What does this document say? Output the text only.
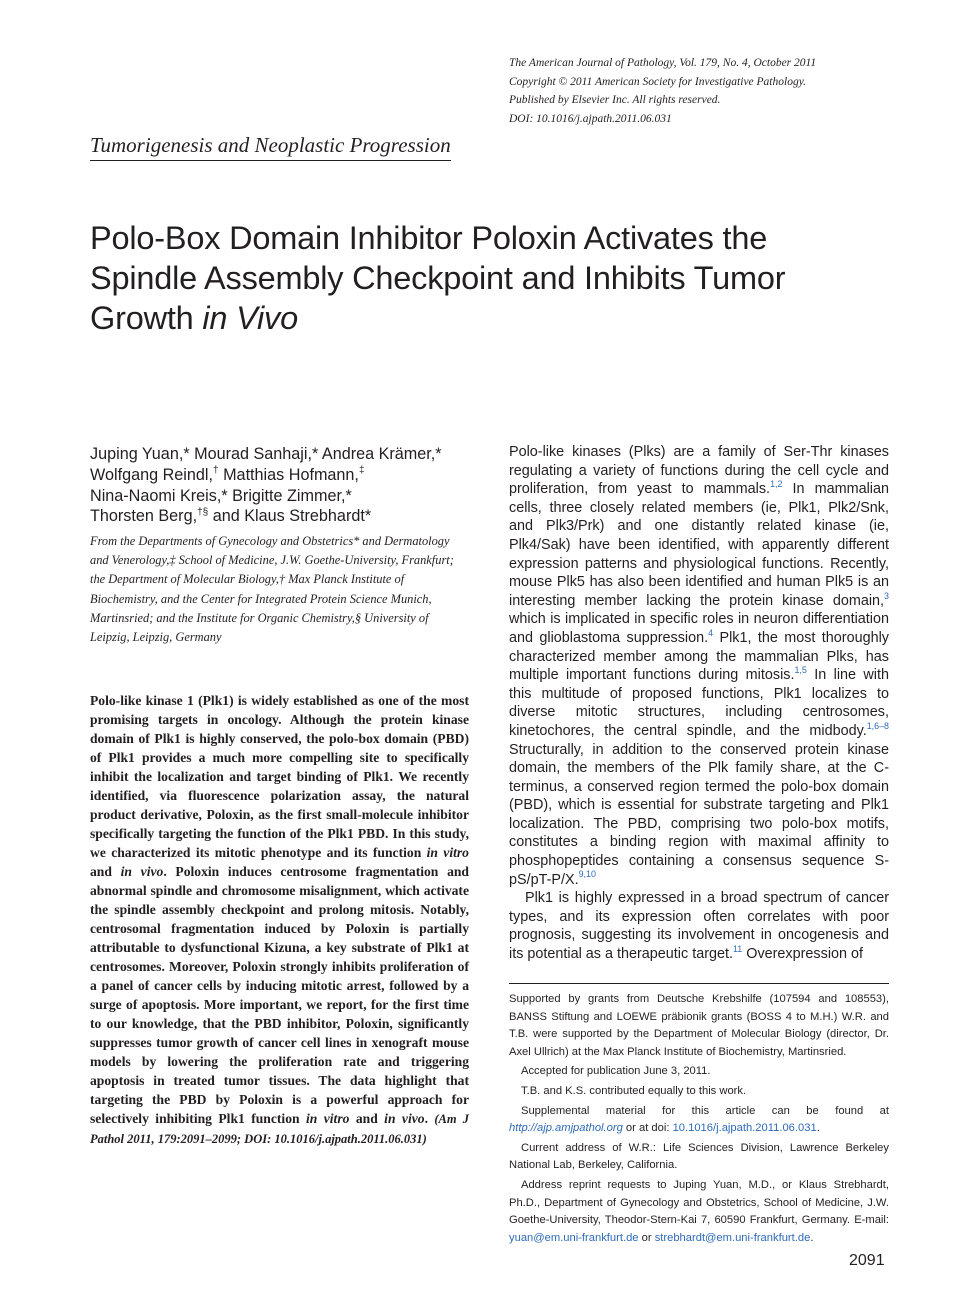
The American Journal of Pathology, Vol. 179, No. 4, October 2011
Copyright © 2011 American Society for Investigative Pathology.
Published by Elsevier Inc. All rights reserved.
DOI: 10.1016/j.ajpath.2011.06.031
Tumorigenesis and Neoplastic Progression
Polo-Box Domain Inhibitor Poloxin Activates the
Spindle Assembly Checkpoint and Inhibits Tumor
Growth in Vivo
Juping Yuan,* Mourad Sanhaji,* Andrea Krämer,*
Wolfgang Reindl,† Matthias Hofmann,‡
Nina-Naomi Kreis,* Brigitte Zimmer,*
Thorsten Berg,†§ and Klaus Strebhardt*
From the Departments of Gynecology and Obstetrics* and Dermatology and Venerology,‡ School of Medicine, J.W. Goethe-University, Frankfurt; the Department of Molecular Biology,† Max Planck Institute of Biochemistry, and the Center for Integrated Protein Science Munich, Martinsried; and the Institute for Organic Chemistry,§ University of Leipzig, Leipzig, Germany
Polo-like kinase 1 (Plk1) is widely established as one of the most promising targets in oncology. Although the protein kinase domain of Plk1 is highly conserved, the polo-box domain (PBD) of Plk1 provides a much more compelling site to specifically inhibit the localization and target binding of Plk1. We recently identified, via fluorescence polarization assay, the natural product derivative, Poloxin, as the first small-molecule inhibitor specifically targeting the function of the Plk1 PBD. In this study, we characterized its mitotic phenotype and its function in vitro and in vivo. Poloxin induces centrosome fragmentation and abnormal spindle and chromosome misalignment, which activate the spindle assembly checkpoint and prolong mitosis. Notably, centrosomal fragmentation induced by Poloxin is partially attributable to dysfunctional Kizuna, a key substrate of Plk1 at centrosomes. Moreover, Poloxin strongly inhibits proliferation of a panel of cancer cells by inducing mitotic arrest, followed by a surge of apoptosis. More important, we report, for the first time to our knowledge, that the PBD inhibitor, Poloxin, significantly suppresses tumor growth of cancer cell lines in xenograft mouse models by lowering the proliferation rate and triggering apoptosis in treated tumor tissues. The data highlight that targeting the PBD by Poloxin is a powerful approach for selectively inhibiting Plk1 function in vitro and in vivo. (Am J Pathol 2011, 179:2091–2099; DOI: 10.1016/j.ajpath.2011.06.031)

Polo-like kinases (Plks) are a family of Ser-Thr kinases regulating a variety of functions during the cell cycle and proliferation, from yeast to mammals.$^{1,2}$ In mammalian cells, three closely related members (ie, Plk1, Plk2/Snk, and Plk3/Prk) and one distantly related kinase (ie, Plk4/Sak) have been identified, with apparently different expression patterns and physiological functions. Recently, mouse Plk5 has also been identified and human Plk5 is an interesting member lacking the protein kinase domain,$^3$ which is implicated in specific roles in neuron differentiation and glioblastoma suppression.$^4$ Plk1, the most thoroughly characterized member among the mammalian Plks, has multiple important functions during mitosis.$^{1,5}$ In line with this multitude of proposed functions, Plk1 localizes to diverse mitotic structures, including centrosomes, kinetochores, the central spindle, and the midbody.$^{1,6-8}$ Structurally, in addition to the conserved protein kinase domain, the members of the Plk family share, at the C-terminus, a conserved region termed the polo-box domain (PBD), which is essential for substrate targeting and Plk1 localization. The PBD, comprising two polo-box motifs, constitutes a binding region with maximal affinity to phosphopeptides containing a consensus sequence S-pS/pT-P/X.$^{9,10}$

Plk1 is highly expressed in a broad spectrum of cancer types, and its expression often correlates with poor prognosis, suggesting its involvement in oncogenesis and its potential as a therapeutic target.$^{11}$ Overexpression of

Supported by grants from Deutsche Krebshilfe (107594 and 108553), BANSS Stiftung and LOEWE präbionik grants (BOSS 4 to M.H.) W.R. and T.B. were supported by the Department of Molecular Biology (director, Dr. Axel Ullrich) at the Max Planck Institute of Biochemistry, Martinsried.

Accepted for publication June 3, 2011.

T.B. and K.S. contributed equally to this work.

Supplemental material for this article can be found at http://ajp.amjpathol.org or at doi: 10.1016/j.ajpath.2011.06.031.

Current address of W.R.: Life Sciences Division, Lawrence Berkeley National Lab, Berkeley, California.

Address reprint requests to Juping Yuan, M.D., or Klaus Strebhardt, Ph.D., Department of Gynecology and Obstetrics, School of Medicine, J.W. Goethe-University, Theodor-Stern-Kai 7, 60590 Frankfurt, Germany. E-mail: yuan@em.uni-frankfurt.de or strebhardt@em.uni-frankfurt.de.

2091
